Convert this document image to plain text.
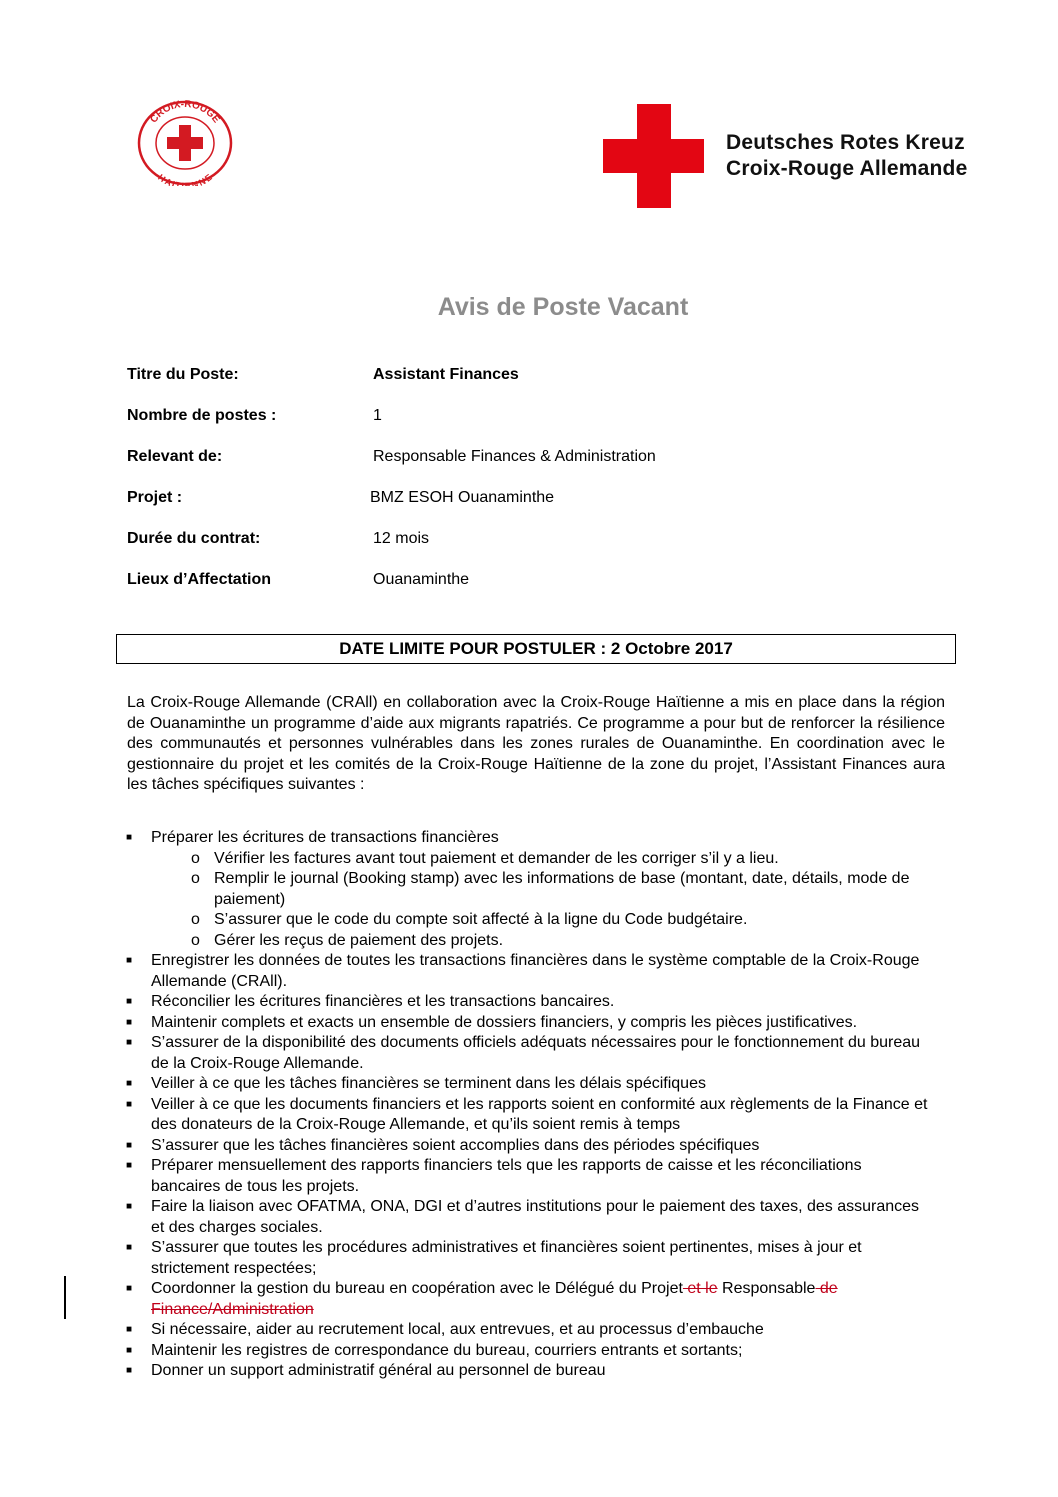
CROIX-ROUGE
HAITIENNE
Deutsches Rotes Kreuz
Croix-Rouge Allemande
Avis de Poste Vacant
Titre du Poste:	Assistant Finances
Nombre de postes :	1
Relevant de:	Responsable Finances & Administration
Projet :	BMZ ESOH Ouanaminthe
Durée du contrat:	12 mois
Lieux d’Affectation	Ouanaminthe
DATE LIMITE POUR POSTULER : 2 Octobre 2017
La Croix-Rouge Allemande (CRAll) en collaboration avec la Croix-Rouge Haïtienne a mis en place dans la région de Ouanaminthe un programme d’aide aux migrants rapatriés. Ce programme a pour but de renforcer la résilience des communautés et personnes vulnérables dans les zones rurales de Ouanaminthe. En coordination avec le gestionnaire du projet et les comités de la Croix-Rouge Haïtienne de la zone du projet, l’Assistant Finances aura les tâches spécifiques suivantes :
■ Préparer les écritures de transactions financières
o Vérifier les factures avant tout paiement et demander de les corriger s’il y a lieu.
o Remplir le journal (Booking stamp) avec les informations de base (montant, date, détails, mode de paiement)
o S’assurer que le code du compte soit affecté à la ligne du Code budgétaire.
o Gérer les reçus de paiement des projets.
■ Enregistrer les données de toutes les transactions financières dans le système comptable de la Croix-Rouge Allemande (CRAll).
■ Réconcilier les écritures financières et les transactions bancaires.
■ Maintenir complets et exacts un ensemble de dossiers financiers, y compris les pièces justificatives.
■ S’assurer de la disponibilité des documents officiels adéquats nécessaires pour le fonctionnement du bureau de la Croix-Rouge Allemande.
■ Veiller à ce que les tâches financières se terminent dans les délais spécifiques
■ Veiller à ce que les documents financiers et les rapports soient en conformité aux règlements de la Finance et des donateurs de la Croix-Rouge Allemande, et qu’ils soient remis à temps
■ S’assurer que les tâches financières soient accomplies dans des périodes spécifiques
■ Préparer mensuellement des rapports financiers tels que les rapports de caisse et les réconciliations bancaires de tous les projets.
■ Faire la liaison avec OFATMA, ONA, DGI et d’autres institutions pour le paiement des taxes, des assurances et des charges sociales.
■ S’assurer que toutes les procédures administratives et financières soient pertinentes, mises à jour et strictement respectées;
■ Coordonner la gestion du bureau en coopération avec le Délégué du Projet et le Responsable de Finance/Administration
■ Si nécessaire, aider au recrutement local, aux entrevues, et au processus d’embauche
■ Maintenir les registres de correspondance du bureau, courriers entrants et sortants;
■ Donner un support administratif général au personnel de bureau
